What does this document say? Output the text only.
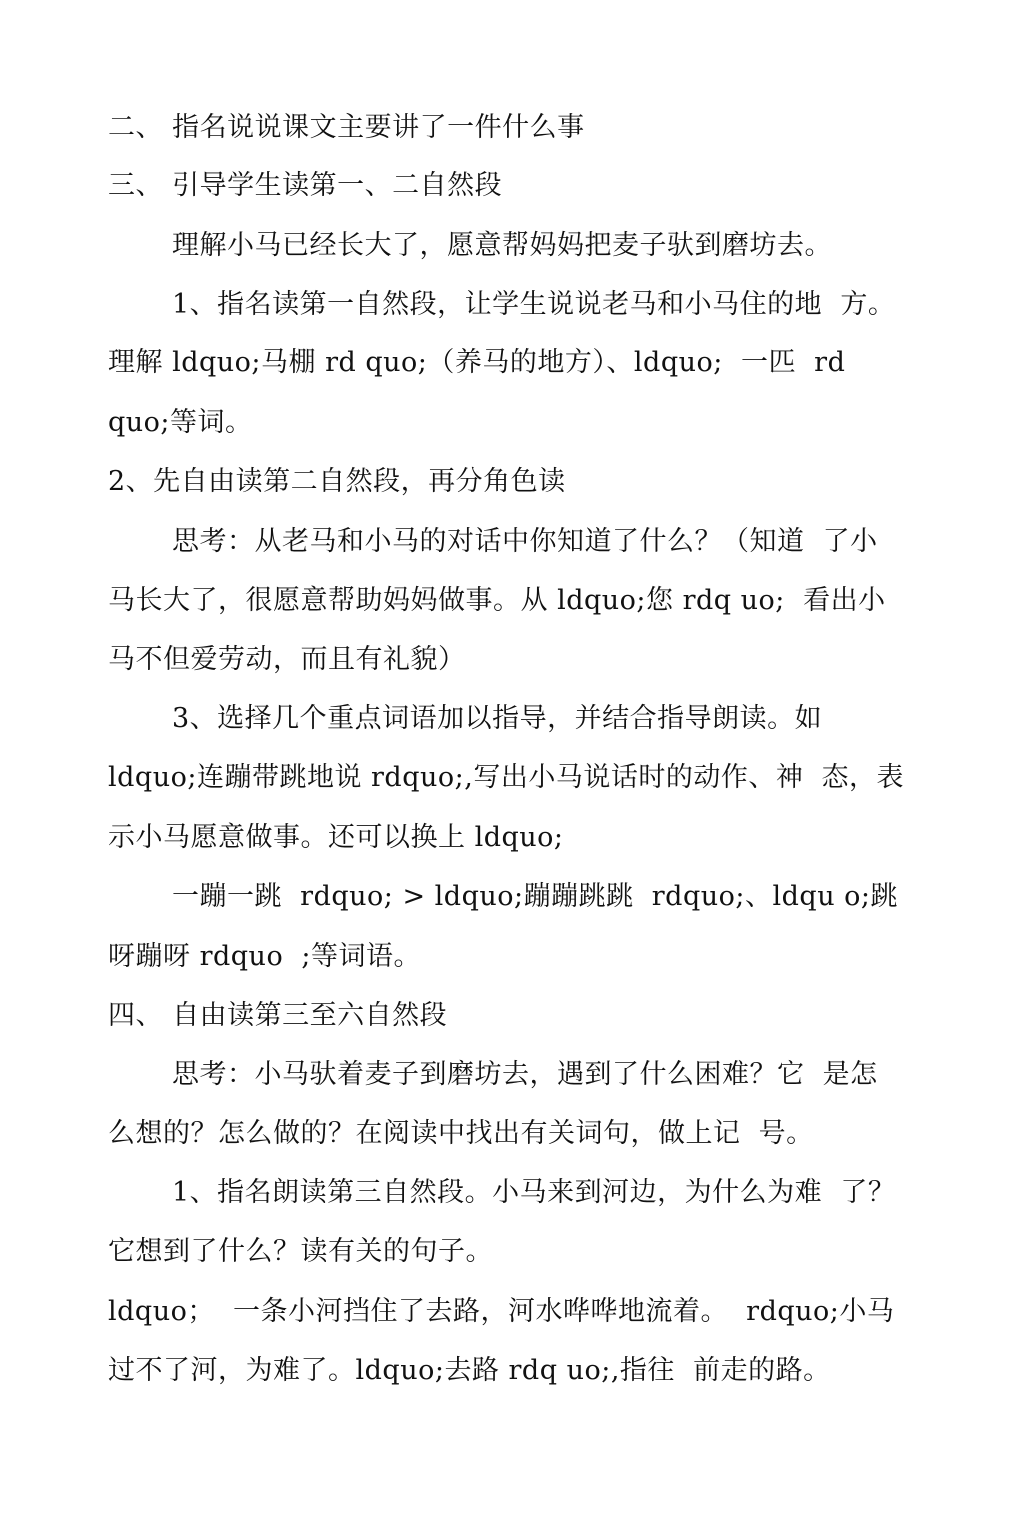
二、 指名说说课文主要讲了一件什么事
三、 引导学生读第一、二自然段
理解小马已经长大了，愿意帮妈妈把麦子驮到磨坊去。
1、指名读第一自然段，让学生说说老马和小马住的地  方。
理解 ldquo;马棚 rd quo;（养马的地方）、ldquo;  一匹  rd
quo;等词。
2、先自由读第二自然段，再分角色读
思考：从老马和小马的对话中你知道了什么？（知道  了小
马长大了，很愿意帮助妈妈做事。从 ldquo;您 rdq uo;  看出小
马不但爱劳动，而且有礼貌）
3、选择几个重点词语加以指导，并结合指导朗读。如
ldquo;连蹦带跳地说 rdquo;,写出小马说话时的动作、神  态，表
示小马愿意做事。还可以换上 ldquo;
一蹦一跳  rdquo; > ldquo;蹦蹦跳跳  rdquo;、ldqu o;跳
呀蹦呀 rdquo  ;等词语。
四、 自由读第三至六自然段
思考：小马驮着麦子到磨坊去，遇到了什么困难？它  是怎
么想的？怎么做的？在阅读中找出有关词句，做上记  号。
1、指名朗读第三自然段。小马来到河边，为什么为难  了？
它想到了什么？读有关的句子。
ldquo；  一条小河挡住了去路，河水哗哗地流着。  rdquo;小马
过不了河，为难了。ldquo;去路 rdq uo;,指往  前走的路。
